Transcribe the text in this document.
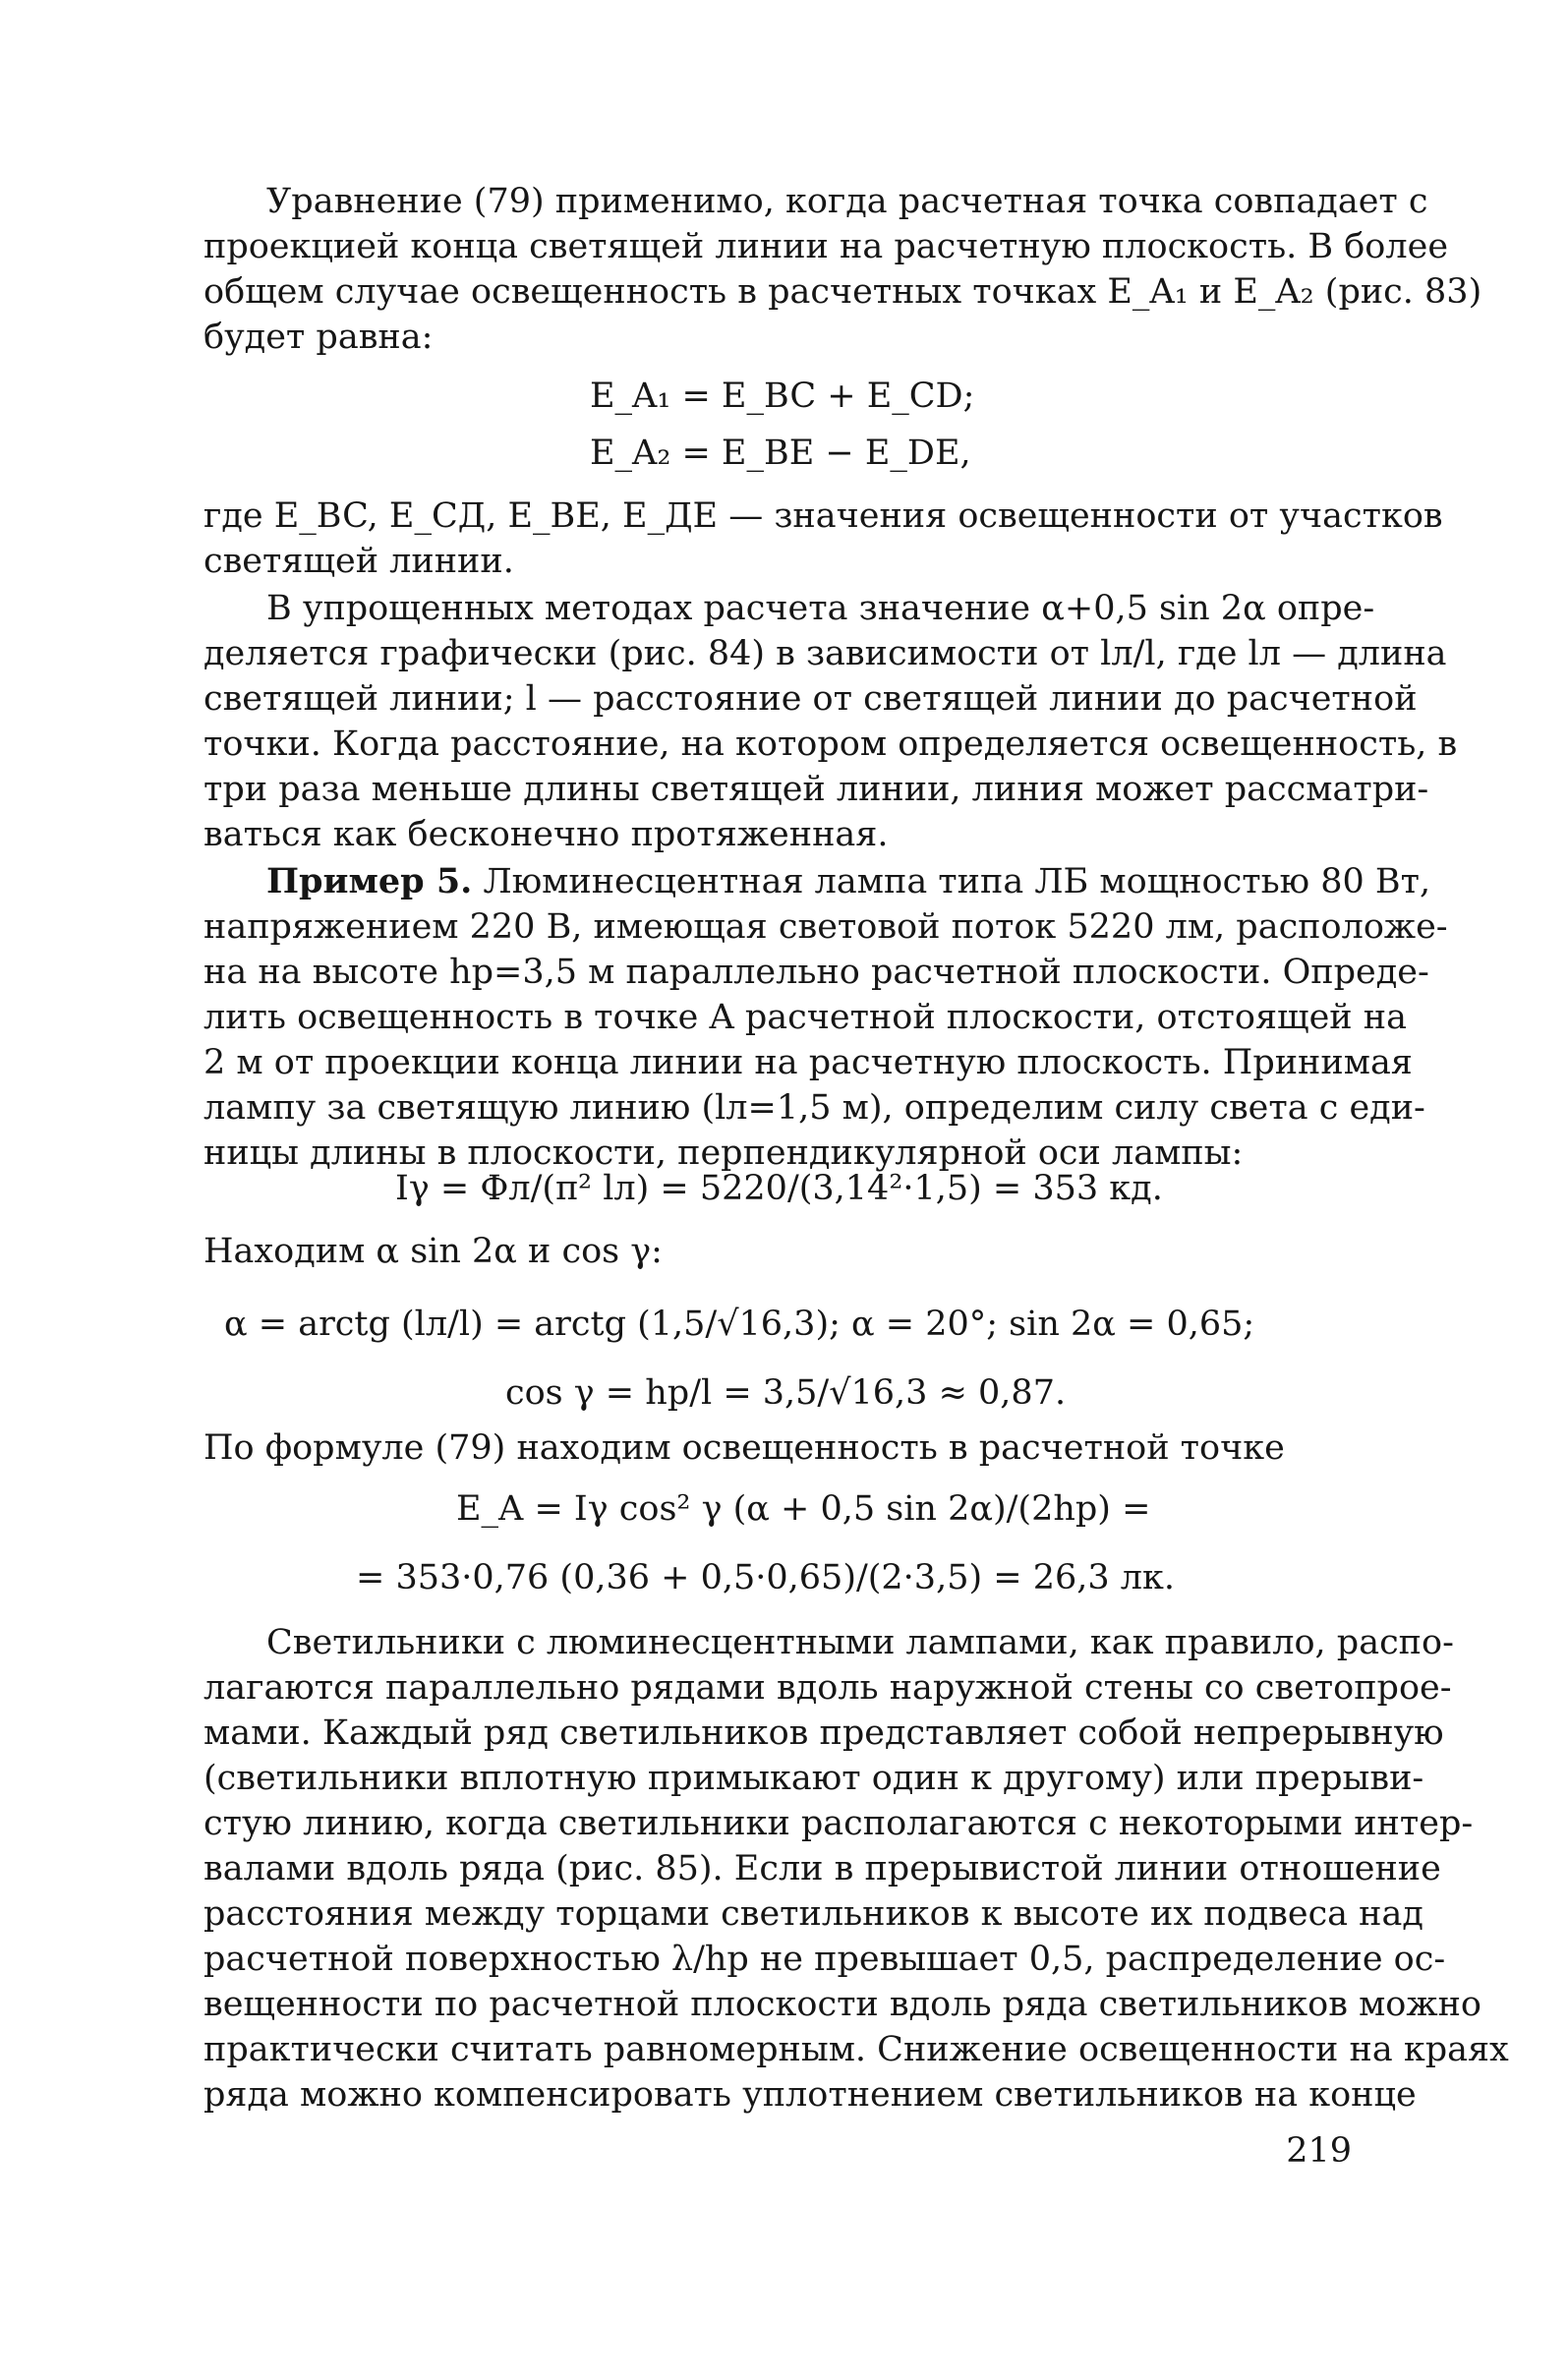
Уравнение (79) применимо, когда расчетная точка совпадает с
проекцией конца светящей линии на расчетную плоскость. В более
общем случае освещенность в расчетных точках E_A₁ и E_A₂ (рис. 83)
будет равна:
E_A₁ = E_BC + E_CD;
E_A₂ = E_BE − E_DE,
где E_BC, E_СД, E_BE, E_ДЕ — значения освещенности от участков
светящей линии.
В упрощенных методах расчета значение α+0,5 sin 2α опре-
деляется графически (рис. 84) в зависимости от lл/l, где lл — длина
светящей линии; l — расстояние от светящей линии до расчетной
точки. Когда расстояние, на котором определяется освещенность, в
три раза меньше длины светящей линии, линия может рассматри-
ваться как бесконечно протяженная.
Пример 5. Люминесцентная лампа типа ЛБ мощностью 80 Вт,
напряжением 220 В, имеющая световой поток 5220 лм, расположе-
на на высоте hр=3,5 м параллельно расчетной плоскости. Опреде-
лить освещенность в точке A расчетной плоскости, отстоящей на
2 м от проекции конца линии на расчетную плоскость. Принимая
лампу за светящую линию (lл=1,5 м), определим силу света с еди-
ницы длины в плоскости, перпендикулярной оси лампы:
Iγ = Фл/(π² lл) = 5220/(3,14²·1,5) = 353 кд.
Находим α sin 2α и cos γ:
α = arctg (lл/l) = arctg (1,5/√16,3); α = 20°; sin 2α = 0,65;
cos γ = hр/l = 3,5/√16,3 ≈ 0,87.
По формуле (79) находим освещенность в расчетной точке
E_A = Iγ cos² γ (α + 0,5 sin 2α)/(2hр) =
= 353·0,76 (0,36 + 0,5·0,65)/(2·3,5) = 26,3 лк.
Светильники с люминесцентными лампами, как правило, распо-
лагаются параллельно рядами вдоль наружной стены со светопрое-
мами. Каждый ряд светильников представляет собой непрерывную
(светильники вплотную примыкают один к другому) или прерыви-
стую линию, когда светильники располагаются с некоторыми интер-
валами вдоль ряда (рис. 85). Если в прерывистой линии отношение
расстояния между торцами светильников к высоте их подвеса над
расчетной поверхностью λ/hр не превышает 0,5, распределение ос-
вещенности по расчетной плоскости вдоль ряда светильников можно
практически считать равномерным. Снижение освещенности на краях
ряда можно компенсировать уплотнением светильников на конце
219
